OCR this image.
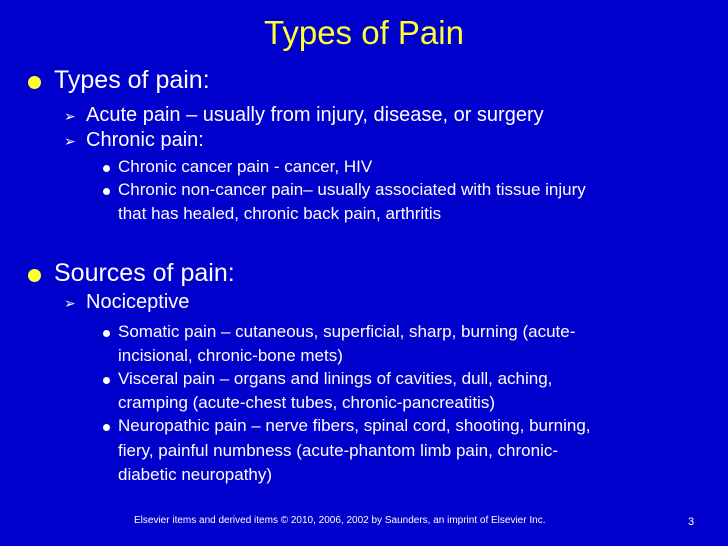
Types of Pain
Types of pain:
➢ Acute pain – usually from injury, disease, or surgery
➢ Chronic pain:
Chronic cancer pain - cancer, HIV
Chronic non-cancer pain– usually associated with tissue injury
that has healed, chronic back pain, arthritis
Sources of pain:
➢ Nociceptive
Somatic pain – cutaneous, superficial, sharp, burning (acute-
incisional, chronic-bone mets)
Visceral pain – organs and linings of cavities, dull, aching,
cramping (acute-chest tubes, chronic-pancreatitis)
Neuropathic pain – nerve fibers, spinal cord, shooting, burning,
fiery, painful numbness (acute-phantom limb pain, chronic-
diabetic neuropathy)
Elsevier items and derived items © 2010, 2006, 2002 by Saunders, an imprint of Elsevier Inc.	3
